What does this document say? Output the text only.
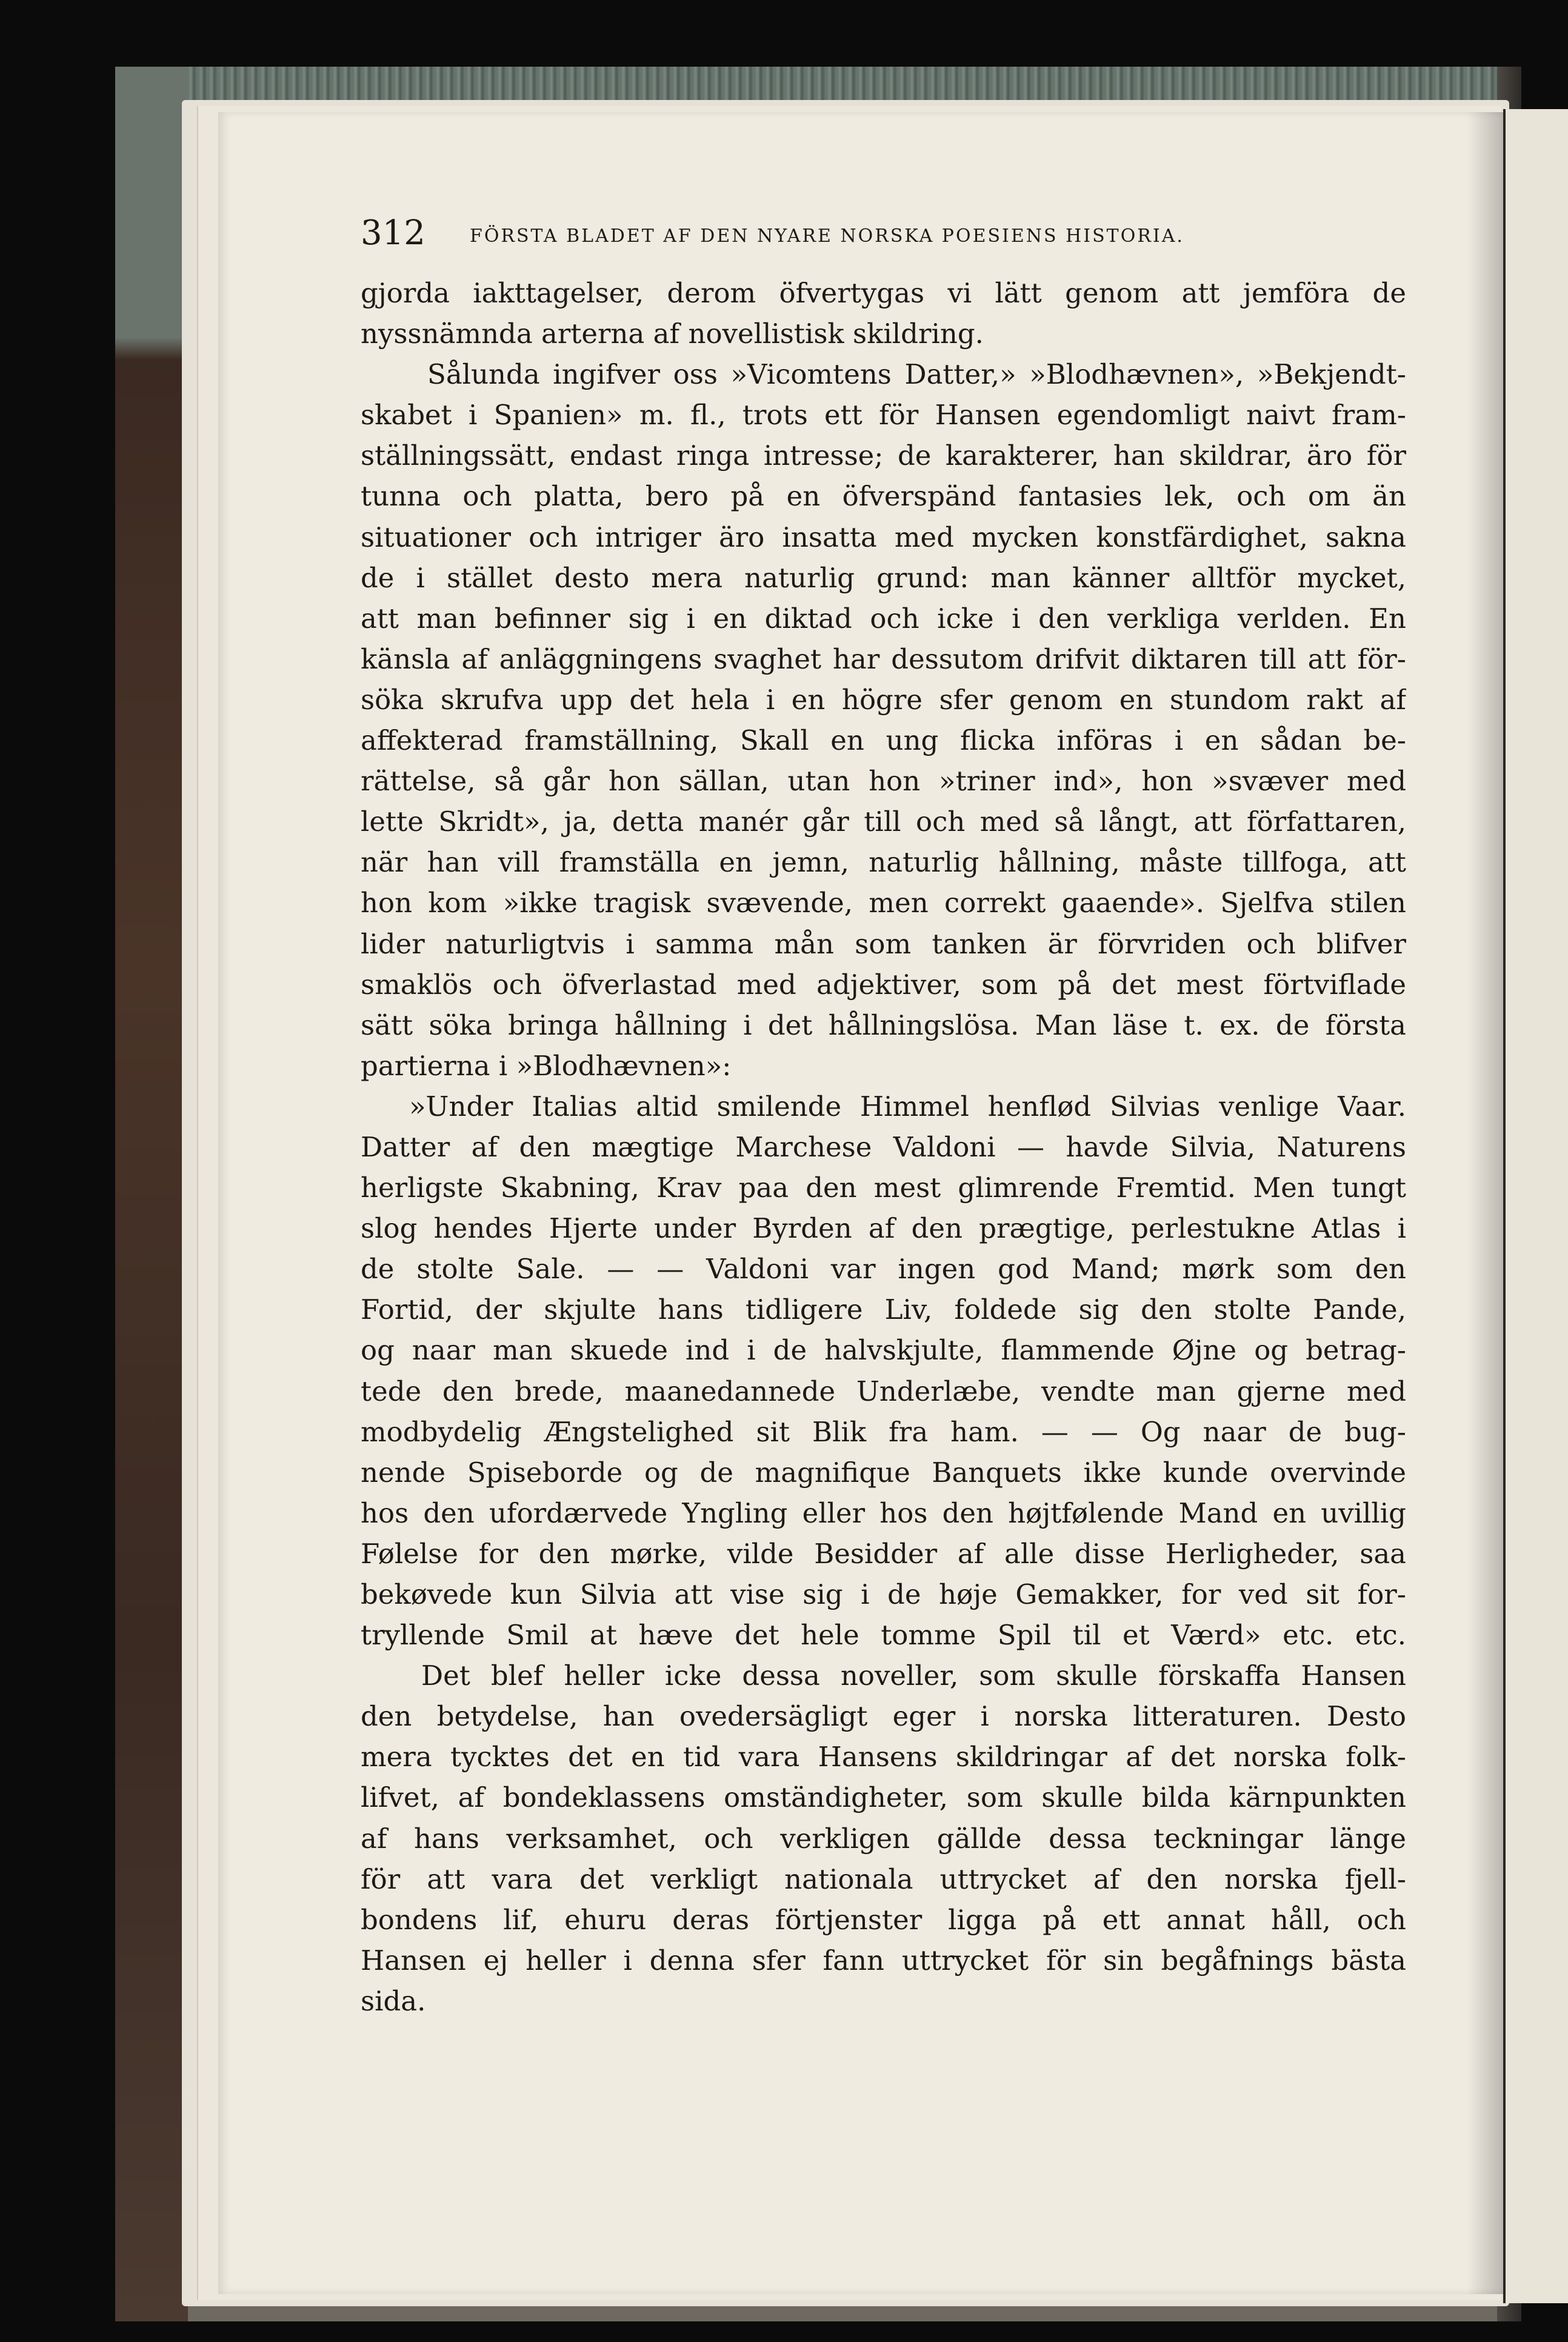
312 FÖRSTA BLADET AF DEN NYARE NORSKA POESIENS HISTORIA.
gjorda iakttagelser, derom öfvertygas vi lätt genom att jemföra de
nyssnämnda arterna af novellistisk skildring.
Sålunda ingifver oss »Vicomtens Datter,» »Blodhævnen», »Bekjendt-
skabet i Spanien» m. fl., trots ett för Hansen egendomligt naivt fram-
ställningssätt, endast ringa intresse; de karakterer, han skildrar, äro för
tunna och platta, bero på en öfverspänd fantasies lek, och om än
situationer och intriger äro insatta med mycken konstfärdighet, sakna
de i stället desto mera naturlig grund: man känner alltför mycket,
att man befinner sig i en diktad och icke i den verkliga verlden. En
känsla af anläggningens svaghet har dessutom drifvit diktaren till att för-
söka skrufva upp det hela i en högre sfer genom en stundom rakt af
affekterad framställning, Skall en ung flicka införas i en sådan be-
rättelse, så går hon sällan, utan hon »triner ind», hon »svæver med
lette Skridt», ja, detta manér går till och med så långt, att författaren,
när han vill framställa en jemn, naturlig hållning, måste tillfoga, att
hon kom »ikke tragisk svævende, men correkt gaaende». Sjelfva stilen
lider naturligtvis i samma mån som tanken är förvriden och blifver
smaklös och öfverlastad med adjektiver, som på det mest förtviflade
sätt söka bringa hållning i det hållningslösa. Man läse t. ex. de första
partierna i »Blodhævnen»:
»Under Italias altid smilende Himmel henflød Silvias venlige Vaar.
Datter af den mægtige Marchese Valdoni — havde Silvia, Naturens
herligste Skabning, Krav paa den mest glimrende Fremtid. Men tungt
slog hendes Hjerte under Byrden af den prægtige, perlestukne Atlas i
de stolte Sale. — — Valdoni var ingen god Mand; mørk som den
Fortid, der skjulte hans tidligere Liv, foldede sig den stolte Pande,
og naar man skuede ind i de halvskjulte, flammende Øjne og betrag-
tede den brede, maanedannede Underlæbe, vendte man gjerne med
modbydelig Ængstelighed sit Blik fra ham. — — Og naar de bug-
nende Spiseborde og de magnifique Banquets ikke kunde overvinde
hos den ufordærvede Yngling eller hos den højtfølende Mand en uvillig
Følelse for den mørke, vilde Besidder af alle disse Herligheder, saa
bekøvede kun Silvia att vise sig i de høje Gemakker, for ved sit for-
tryllende Smil at hæve det hele tomme Spil til et Værd» etc. etc.
Det blef heller icke dessa noveller, som skulle förskaffa Hansen
den betydelse, han ovedersägligt eger i norska litteraturen. Desto
mera tycktes det en tid vara Hansens skildringar af det norska folk-
lifvet, af bondeklassens omständigheter, som skulle bilda kärnpunkten
af hans verksamhet, och verkligen gällde dessa teckningar länge
för att vara det verkligt nationala uttrycket af den norska fjell-
bondens lif, ehuru deras förtjenster ligga på ett annat håll, och
Hansen ej heller i denna sfer fann uttrycket för sin begåfnings bästa
sida.
